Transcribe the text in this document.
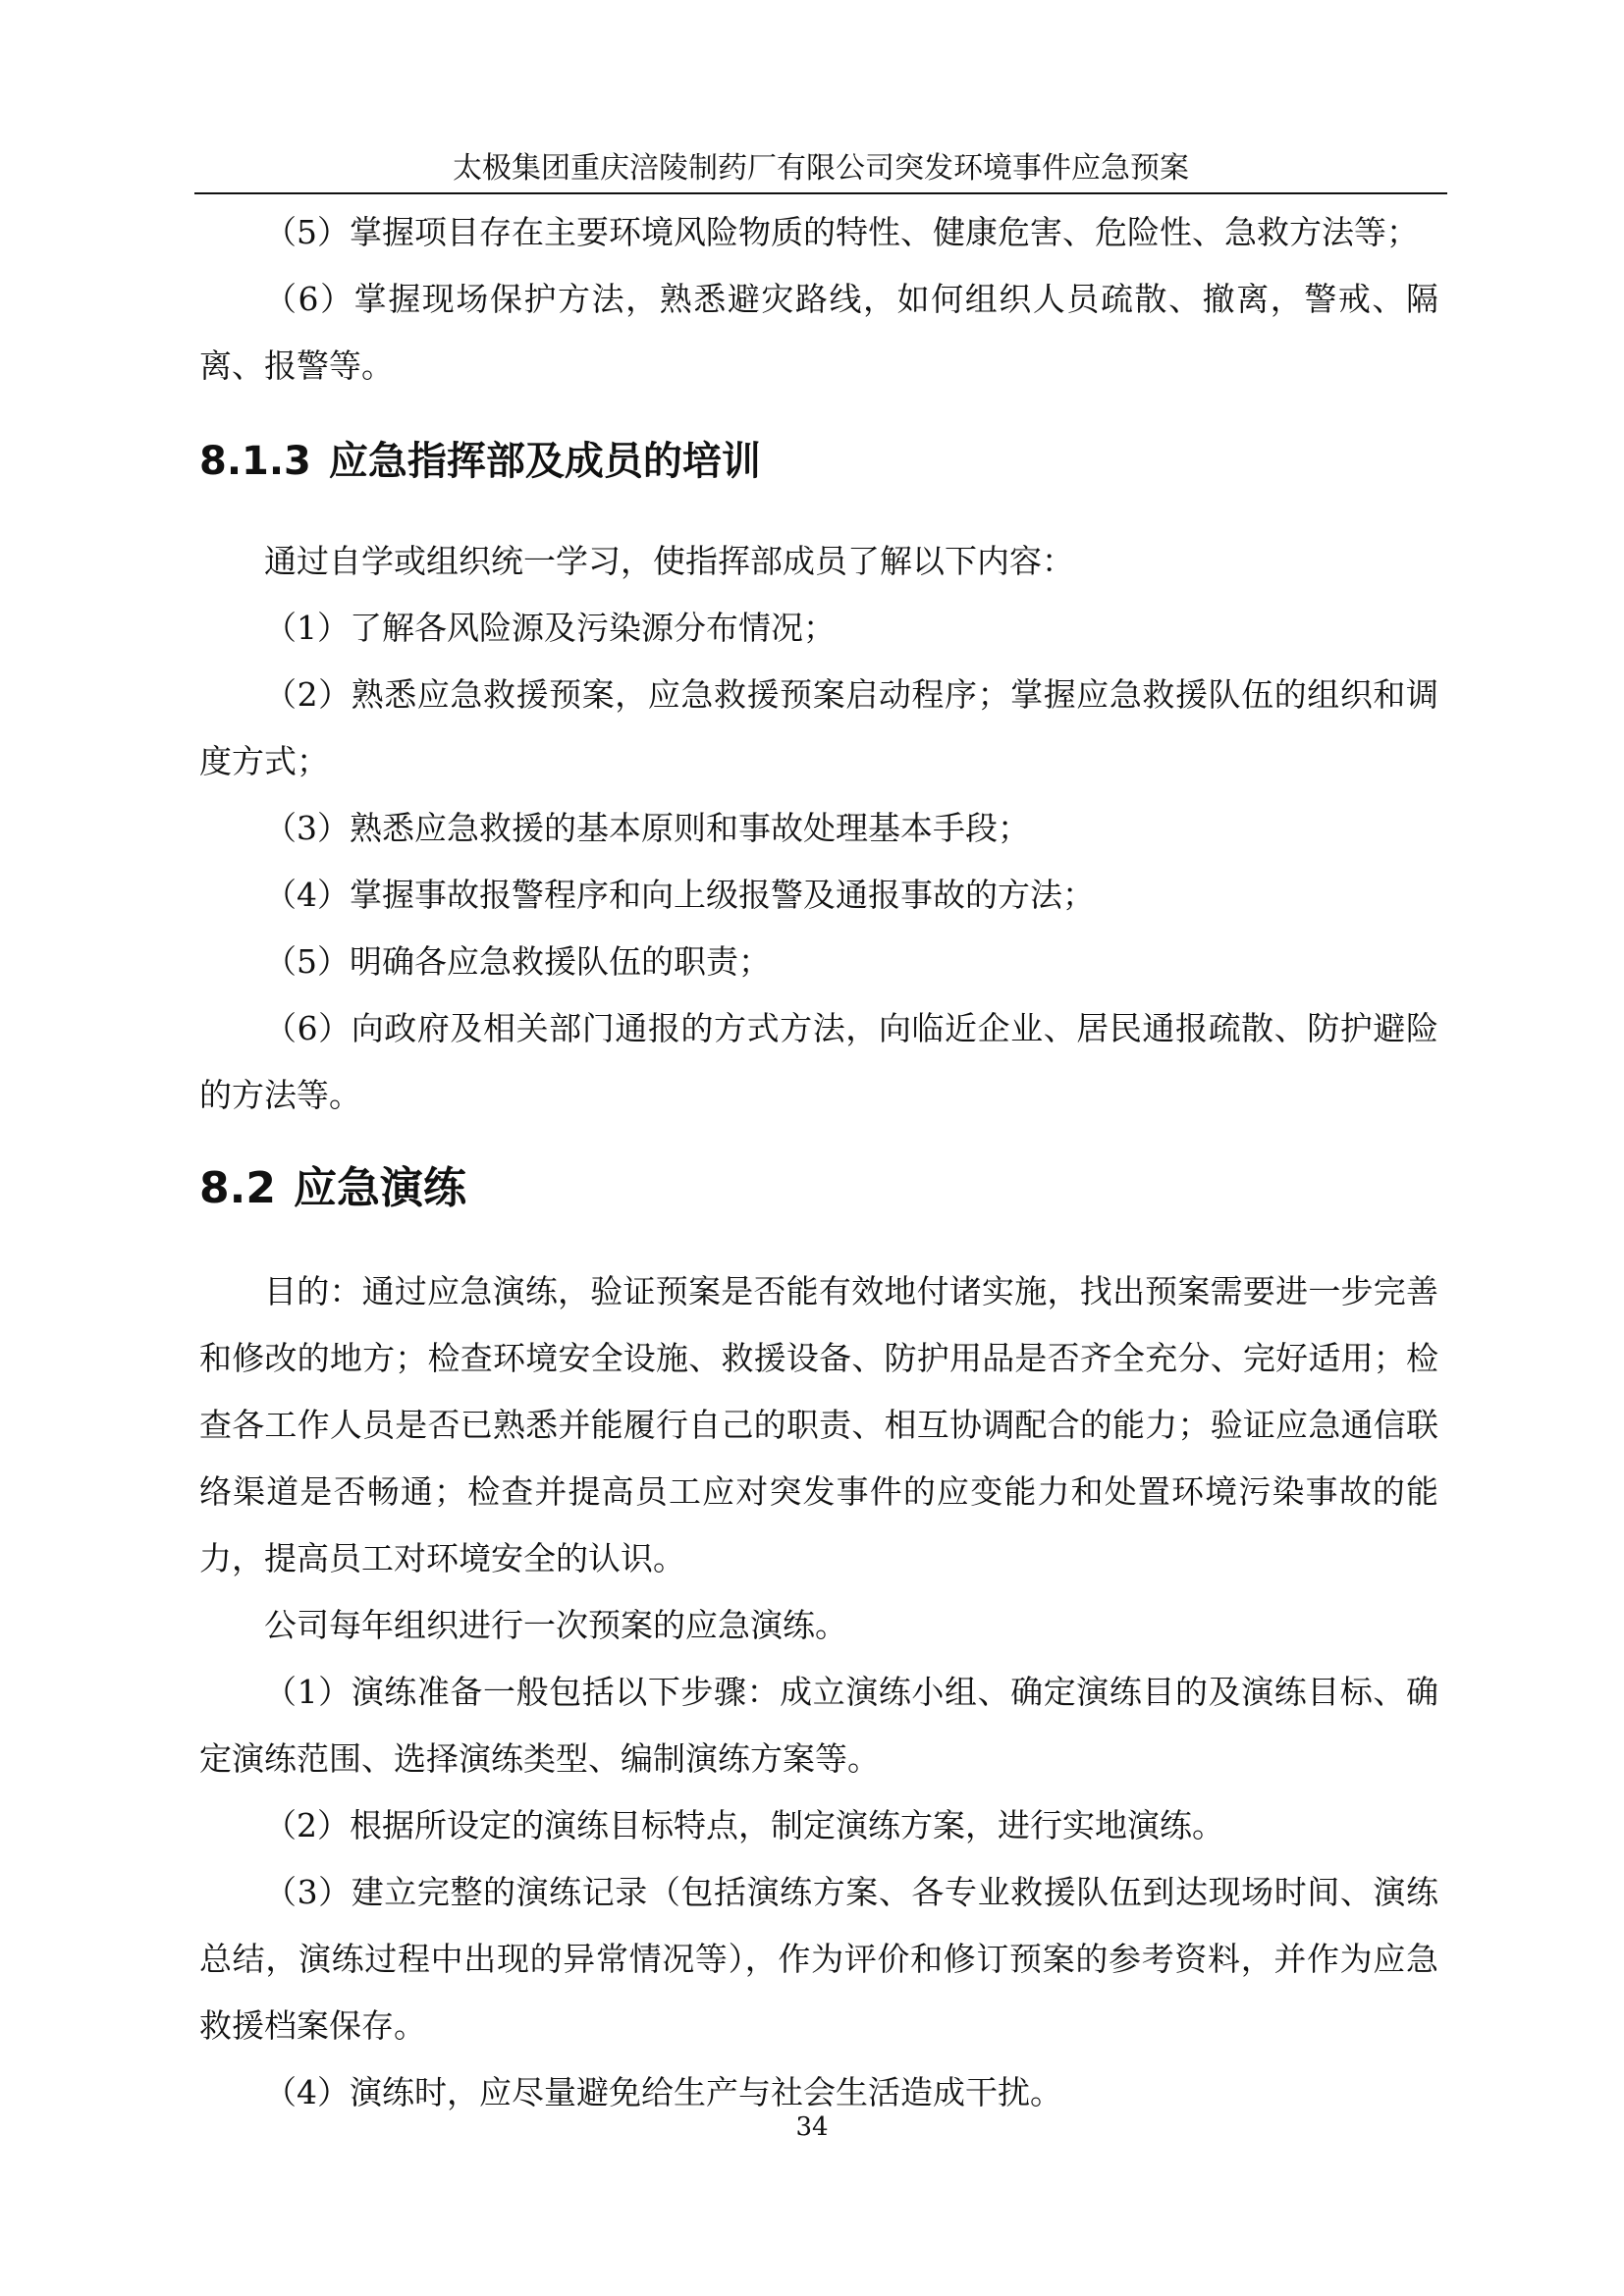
太极集团重庆涪陵制药厂有限公司突发环境事件应急预案

（5）掌握项目存在主要环境风险物质的特性、健康危害、危险性、急救方法等；

（6）掌握现场保护方法，熟悉避灾路线，如何组织人员疏散、撤离，警戒、隔离、报警等。

8.1.3 应急指挥部及成员的培训

通过自学或组织统一学习，使指挥部成员了解以下内容：

（1）了解各风险源及污染源分布情况；

（2）熟悉应急救援预案，应急救援预案启动程序；掌握应急救援队伍的组织和调度方式；

（3）熟悉应急救援的基本原则和事故处理基本手段；

（4）掌握事故报警程序和向上级报警及通报事故的方法；

（5）明确各应急救援队伍的职责；

（6）向政府及相关部门通报的方式方法，向临近企业、居民通报疏散、防护避险的方法等。

8.2 应急演练

目的：通过应急演练，验证预案是否能有效地付诸实施，找出预案需要进一步完善和修改的地方；检查环境安全设施、救援设备、防护用品是否齐全充分、完好适用；检查各工作人员是否已熟悉并能履行自己的职责、相互协调配合的能力；验证应急通信联络渠道是否畅通；检查并提高员工应对突发事件的应变能力和处置环境污染事故的能力，提高员工对环境安全的认识。

公司每年组织进行一次预案的应急演练。

（1）演练准备一般包括以下步骤：成立演练小组、确定演练目的及演练目标、确定演练范围、选择演练类型、编制演练方案等。

（2）根据所设定的演练目标特点，制定演练方案，进行实地演练。

（3）建立完整的演练记录（包括演练方案、各专业救援队伍到达现场时间、演练总结，演练过程中出现的异常情况等），作为评价和修订预案的参考资料，并作为应急救援档案保存。

（4）演练时，应尽量避免给生产与社会生活造成干扰。

34
